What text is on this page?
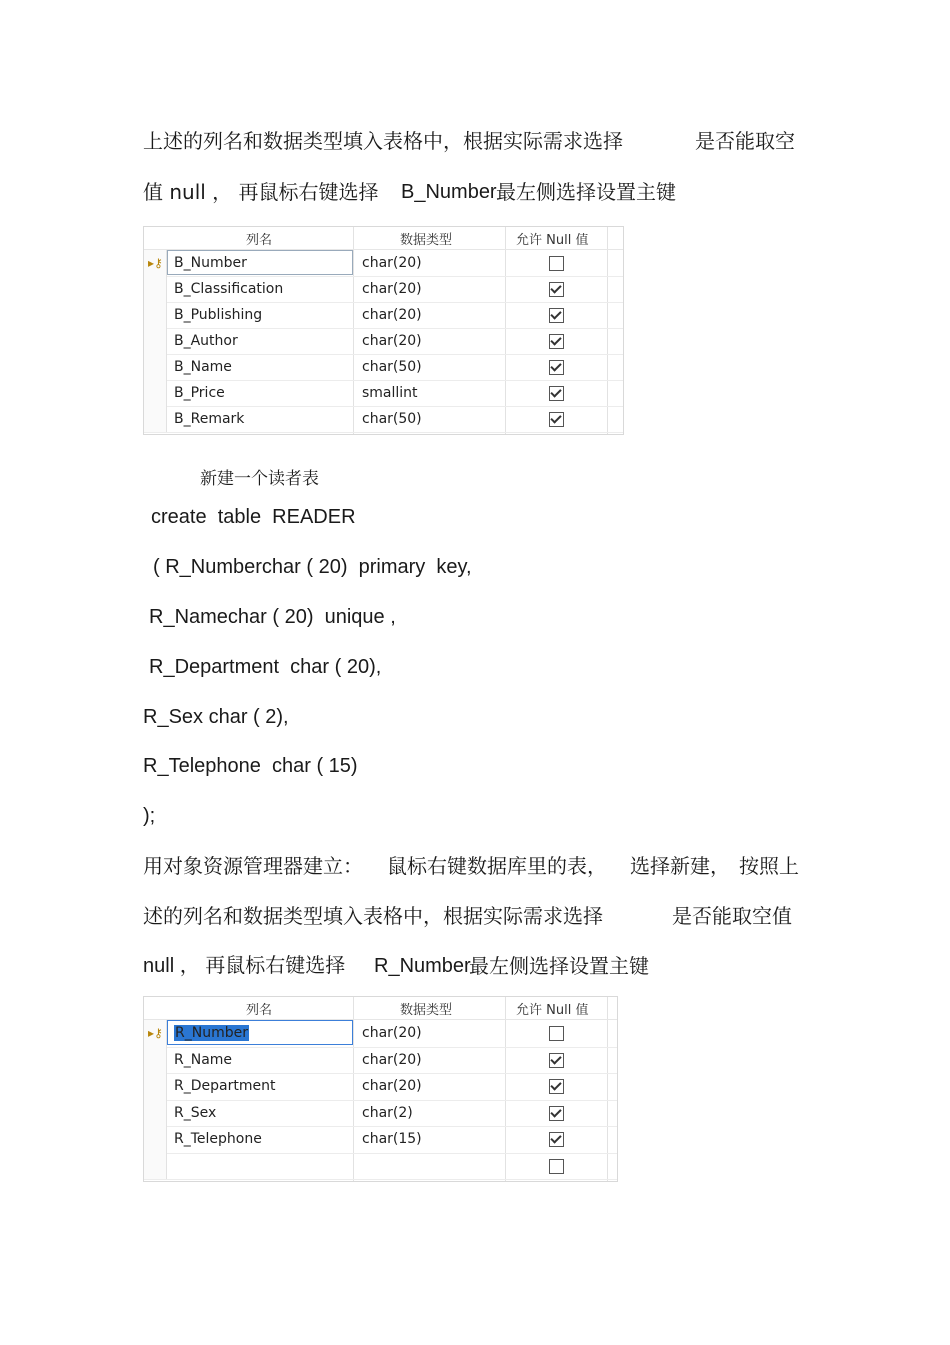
上述的列名和数据类型填入表格中，根据实际需求选择	是否能取空
值 null ， 再鼠标右键选择 B_Number 最左侧选择设置主键
列名	数据类型	允许 Null 值
▸⚷ B_Number	char(20)
B_Classification	char(20)
B_Publishing	char(20)
B_Author	char(20)
B_Name	char(50)
B_Price	smallint
B_Remark	char(50)
新建一个读者表
create  table  READER
( R_Numberchar ( 20)  primary  key,
R_Namechar ( 20)  unique ,
R_Department  char ( 20),
R_Sex char ( 2),
R_Telephone  char ( 15)
);
用对象资源管理器建立： 鼠标右键数据库里的表， 选择新建， 按照上
述的列名和数据类型填入表格中，根据实际需求选择	是否能取空值
null ， 再鼠标右键选择 R_Number
最左侧选择设置主键
列名	数据类型	允许 Null 值
▸⚷ R_Number	char(20)
R_Name	char(20)
R_Department	char(20)
R_Sex	char(2)
R_Telephone	char(15)
